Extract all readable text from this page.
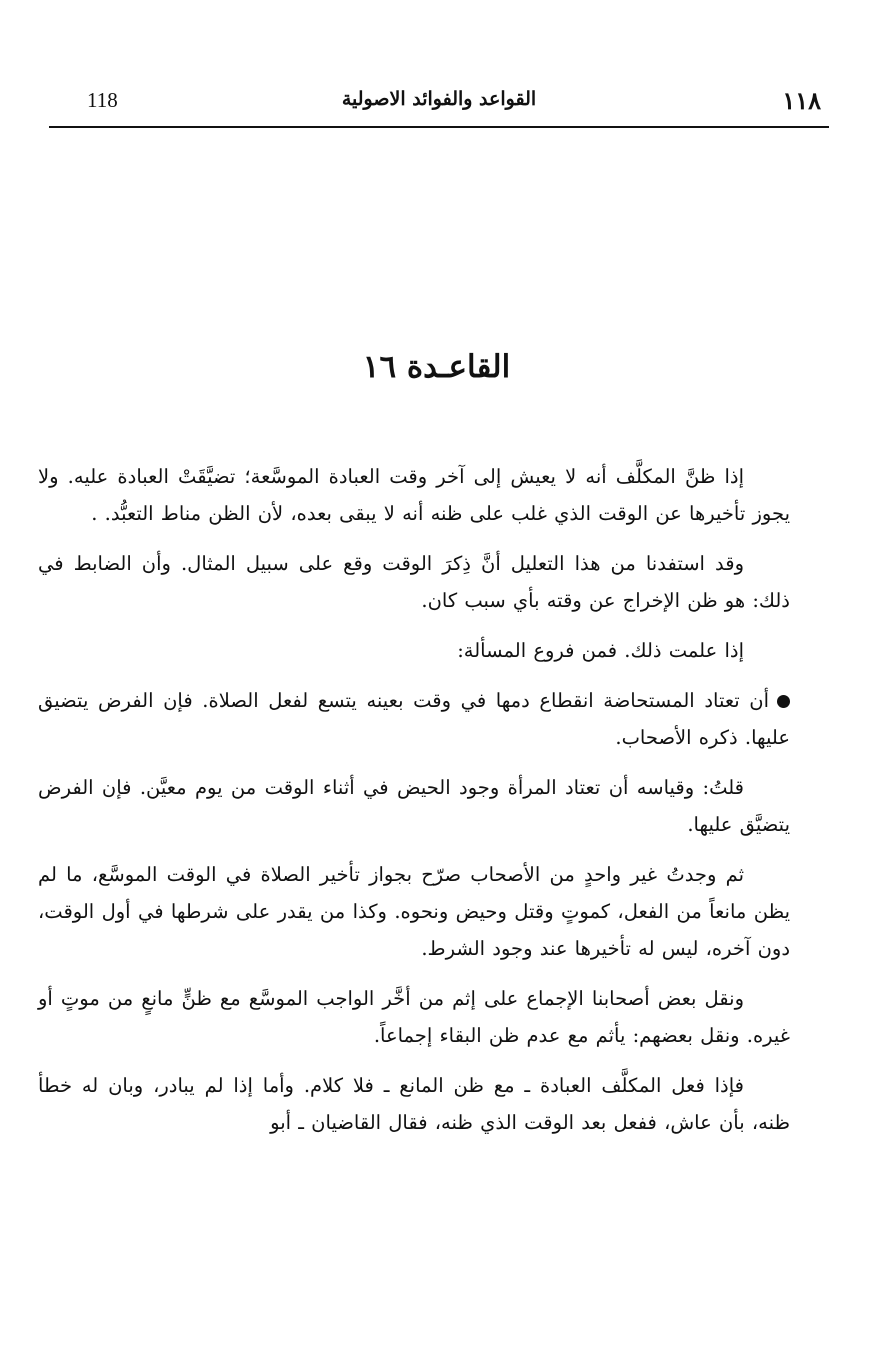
١١٨
القواعد والفوائد الاصولية
118
القاعـدة ١٦

إذا ظنَّ المكلَّف أنه لا يعيش إلى آخر وقت العبادة الموسَّعة؛ تضيَّقَتْ العبادة عليه. ولا يجوز تأخيرها عن الوقت الذي غلب على ظنه أنه لا يبقى بعده، لأن الظن مناط التعبُّد. .

وقد استفدنا من هذا التعليل أنَّ ذِكرَ الوقت وقع على سبيل المثال. وأن الضابط في ذلك: هو ظن الإخراج عن وقته بأي سبب كان.

إذا علمت ذلك. فمن فروع المسألة:

أن تعتاد المستحاضة انقطاع دمها في وقت بعينه يتسع لفعل الصلاة. فإن الفرض يتضيق عليها. ذكره الأصحاب.

قلتُ: وقياسه أن تعتاد المرأة وجود الحيض في أثناء الوقت من يوم معيَّن. فإن الفرض يتضيَّق عليها.

ثم وجدتُ غير واحدٍ من الأصحاب صرّح بجواز تأخير الصلاة في الوقت الموسَّع، ما لم يظن مانعاً من الفعل، كموتٍ وقتل وحيض ونحوه. وكذا من يقدر على شرطها في أول الوقت، دون آخره، ليس له تأخيرها عند وجود الشرط.

ونقل بعض أصحابنا الإجماع على إثم من أخَّر الواجب الموسَّع مع ظنٍّ مانعٍ من موتٍ أو غيره. ونقل بعضهم: يأثم مع عدم ظن البقاء إجماعاً.

فإذا فعل المكلَّف العبادة ـ مع ظن المانع ـ فلا كلام. وأما إذا لم يبادر، وبان له خطأ ظنه، بأن عاش، ففعل بعد الوقت الذي ظنه، فقال القاضيان ـ أبو
